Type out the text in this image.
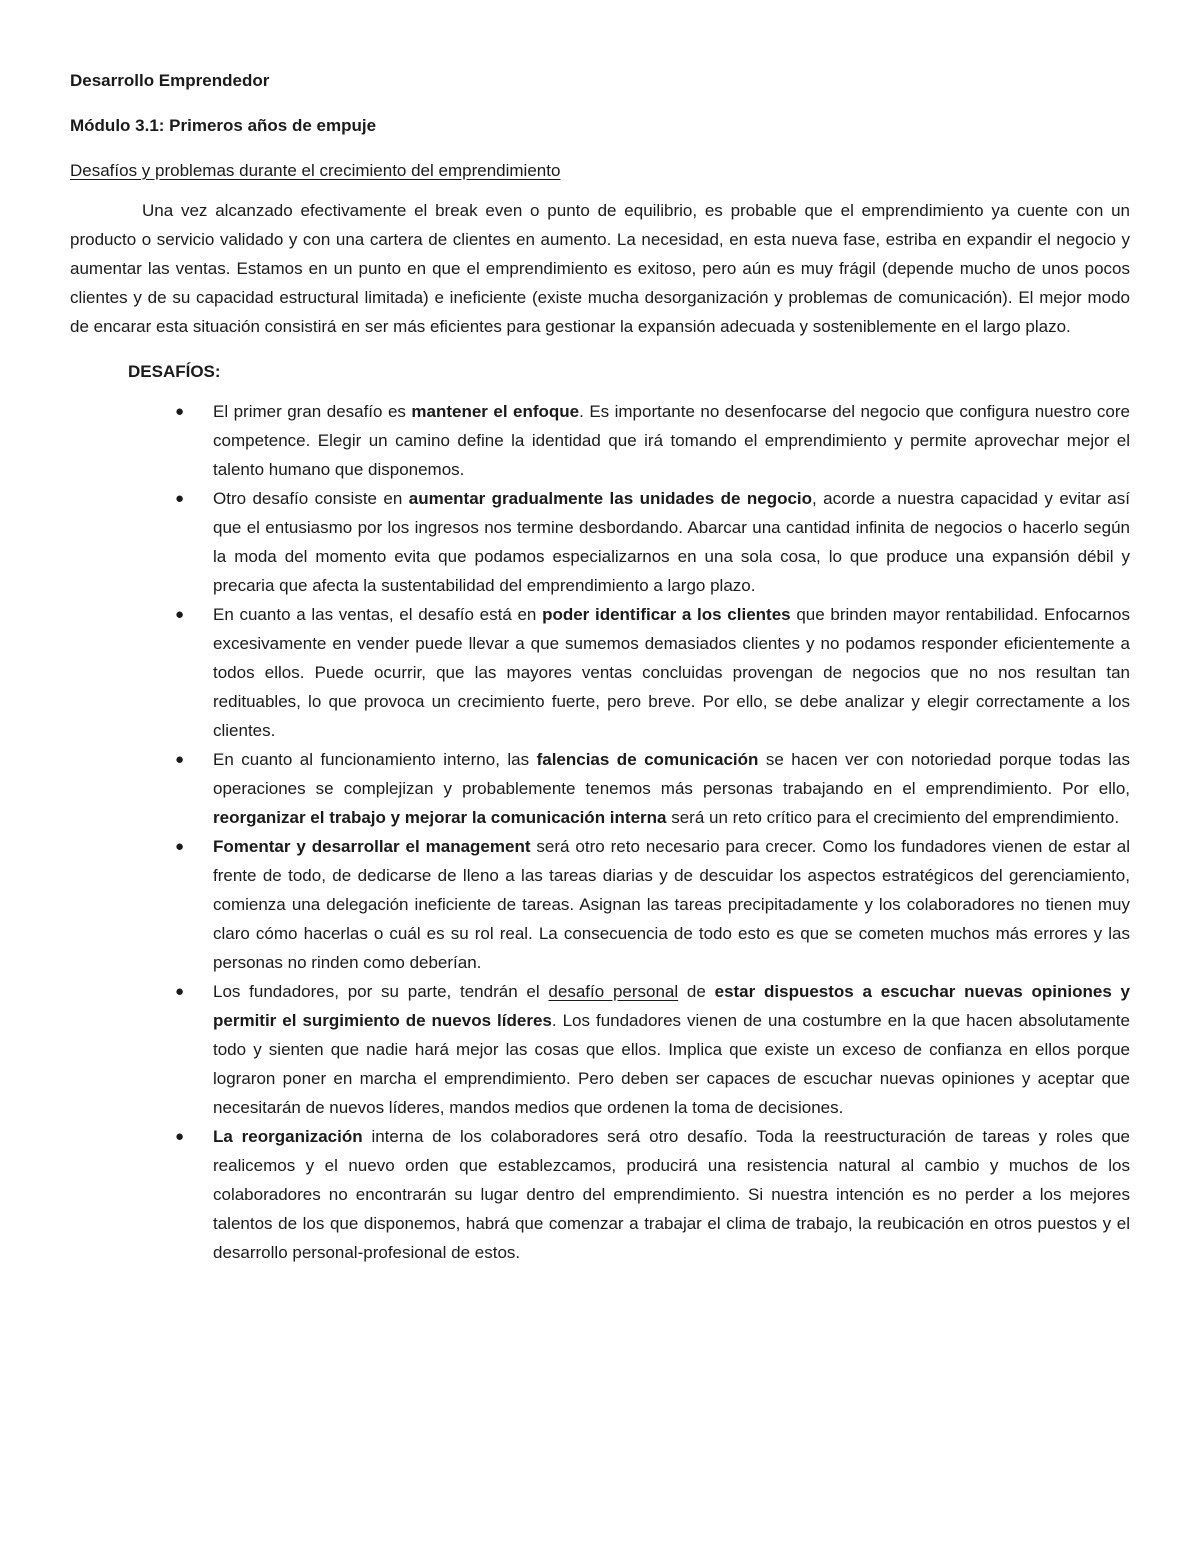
Desarrollo Emprendedor

Módulo 3.1: Primeros años de empuje

Desafíos y problemas durante el crecimiento del emprendimiento

Una vez alcanzado efectivamente el break even o punto de equilibrio, es probable que el emprendimiento ya cuente con un producto o servicio validado y con una cartera de clientes en aumento. La necesidad, en esta nueva fase, estriba en expandir el negocio y aumentar las ventas. Estamos en un punto en que el emprendimiento es exitoso, pero aún es muy frágil (depende mucho de unos pocos clientes y de su capacidad estructural limitada) e ineficiente (existe mucha desorganización y problemas de comunicación). El mejor modo de encarar esta situación consistirá en ser más eficientes para gestionar la expansión adecuada y sosteniblemente en el largo plazo.

DESAFÍOS:

● El primer gran desafío es mantener el enfoque. Es importante no desenfocarse del negocio que configura nuestro core competence. Elegir un camino define la identidad que irá tomando el emprendimiento y permite aprovechar mejor el talento humano que disponemos.
● Otro desafío consiste en aumentar gradualmente las unidades de negocio, acorde a nuestra capacidad y evitar así que el entusiasmo por los ingresos nos termine desbordando. Abarcar una cantidad infinita de negocios o hacerlo según la moda del momento evita que podamos especializarnos en una sola cosa, lo que produce una expansión débil y precaria que afecta la sustentabilidad del emprendimiento a largo plazo.
● En cuanto a las ventas, el desafío está en poder identificar a los clientes que brinden mayor rentabilidad. Enfocarnos excesivamente en vender puede llevar a que sumemos demasiados clientes y no podamos responder eficientemente a todos ellos. Puede ocurrir, que las mayores ventas concluidas provengan de negocios que no nos resultan tan redituables, lo que provoca un crecimiento fuerte, pero breve. Por ello, se debe analizar y elegir correctamente a los clientes.
● En cuanto al funcionamiento interno, las falencias de comunicación se hacen ver con notoriedad porque todas las operaciones se complejizan y probablemente tenemos más personas trabajando en el emprendimiento. Por ello, reorganizar el trabajo y mejorar la comunicación interna será un reto crítico para el crecimiento del emprendimiento.
● Fomentar y desarrollar el management será otro reto necesario para crecer. Como los fundadores vienen de estar al frente de todo, de dedicarse de lleno a las tareas diarias y de descuidar los aspectos estratégicos del gerenciamiento, comienza una delegación ineficiente de tareas. Asignan las tareas precipitadamente y los colaboradores no tienen muy claro cómo hacerlas o cuál es su rol real. La consecuencia de todo esto es que se cometen muchos más errores y las personas no rinden como deberían.
● Los fundadores, por su parte, tendrán el desafío personal de estar dispuestos a escuchar nuevas opiniones y permitir el surgimiento de nuevos líderes. Los fundadores vienen de una costumbre en la que hacen absolutamente todo y sienten que nadie hará mejor las cosas que ellos. Implica que existe un exceso de confianza en ellos porque lograron poner en marcha el emprendimiento. Pero deben ser capaces de escuchar nuevas opiniones y aceptar que necesitarán de nuevos líderes, mandos medios que ordenen la toma de decisiones.
● La reorganización interna de los colaboradores será otro desafío. Toda la reestructuración de tareas y roles que realicemos y el nuevo orden que establezcamos, producirá una resistencia natural al cambio y muchos de los colaboradores no encontrarán su lugar dentro del emprendimiento. Si nuestra intención es no perder a los mejores talentos de los que disponemos, habrá que comenzar a trabajar el clima de trabajo, la reubicación en otros puestos y el desarrollo personal-profesional de estos.
